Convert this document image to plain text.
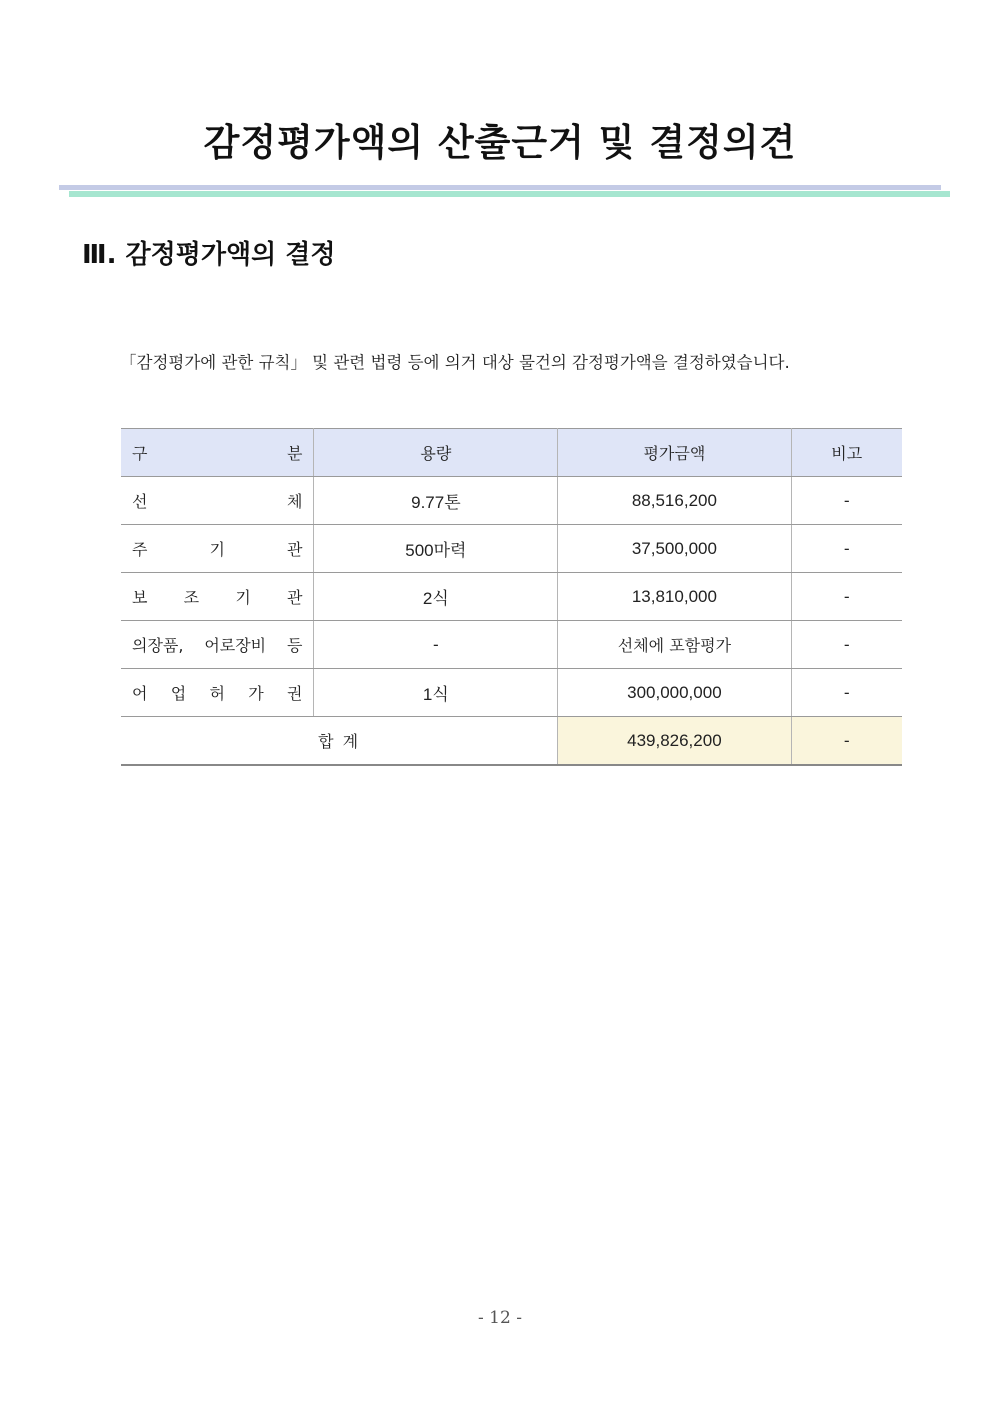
감정평가액의 산출근거 및 결정의견
Ⅲ. 감정평가액의 결정

「감정평가에 관한 규칙」 및 관련 법령 등에 의거 대상 물건의 감정평가액을 결정하였습니다.

구 분	용량	평가금액	비고

선 체	9.77톤	88,516,200	-

주 기 관	500마력	37,500,000	-

보 조 기 관	2식	13,810,000	-

의장품, 어로장비 등	-	선체에 포함평가	-

어 업 허 가 권	1식	300,000,000	-
합 계		439,826,200	-

- 12 -
